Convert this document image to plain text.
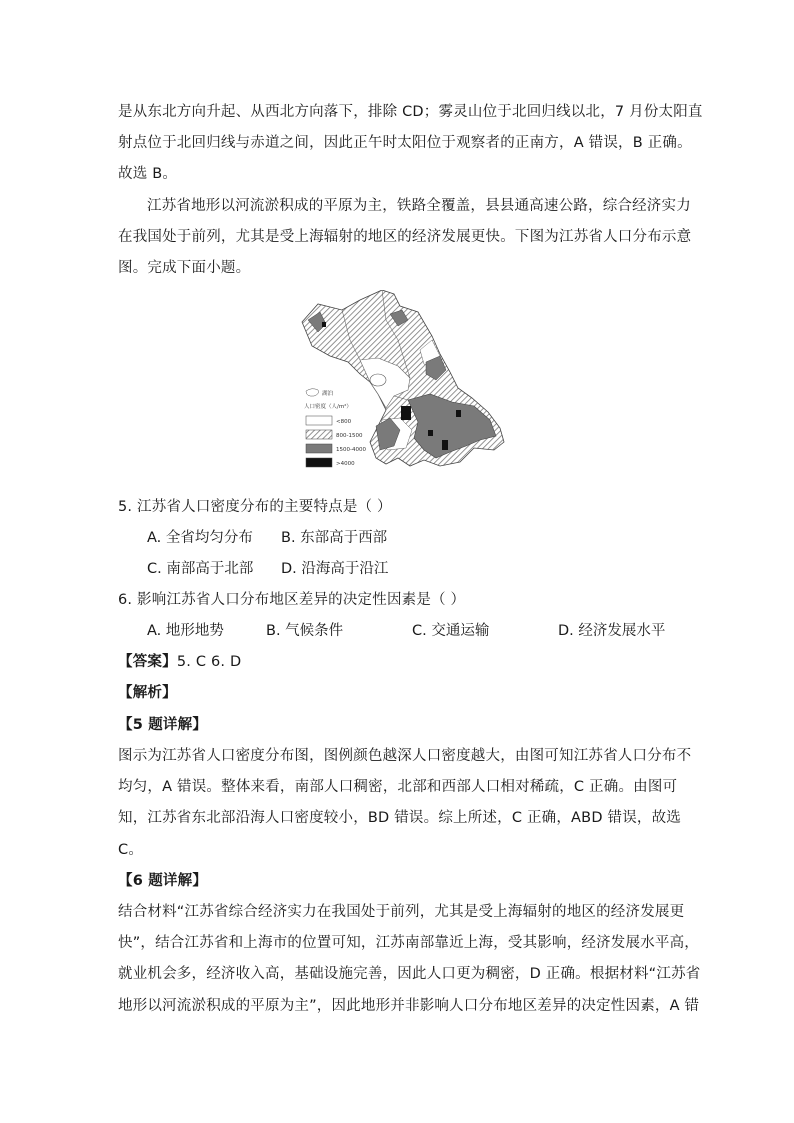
是从东北方向升起、从西北方向落下，排除 CD；雾灵山位于北回归线以北，7 月份太阳直
射点位于北回归线与赤道之间，因此正午时太阳位于观察者的正南方，A 错误，B 正确。
故选 B。
江苏省地形以河流淤积成的平原为主，铁路全覆盖，县县通高速公路，综合经济实力
在我国处于前列，尤其是受上海辐射的地区的经济发展更快。下图为江苏省人口分布示意
图。完成下面小题。
湖泊
人口密度（人/m²）
<800
800-1500
1500-4000
>4000
5. 江苏省人口密度分布的主要特点是（ ）
A. 全省均匀分布 B. 东部高于西部
C. 南部高于北部 D. 沿海高于沿江
6. 影响江苏省人口分布地区差异的决定性因素是（ ）
A. 地形地势	B. 气候条件	C. 交通运输	D. 经济发展水平
【答案】5. C 6. D
【解析】
【5 题详解】
图示为江苏省人口密度分布图，图例颜色越深人口密度越大，由图可知江苏省人口分布不
均匀，A 错误。整体来看，南部人口稠密，北部和西部人口相对稀疏，C 正确。由图可
知，江苏省东北部沿海人口密度较小，BD 错误。综上所述，C 正确，ABD 错误，故选
C。
【6 题详解】
结合材料“江苏省综合经济实力在我国处于前列，尤其是受上海辐射的地区的经济发展更
快”，结合江苏省和上海市的位置可知，江苏南部靠近上海，受其影响，经济发展水平高，
就业机会多，经济收入高，基础设施完善，因此人口更为稠密，D 正确。根据材料“江苏省
地形以河流淤积成的平原为主”，因此地形并非影响人口分布地区差异的决定性因素，A 错
